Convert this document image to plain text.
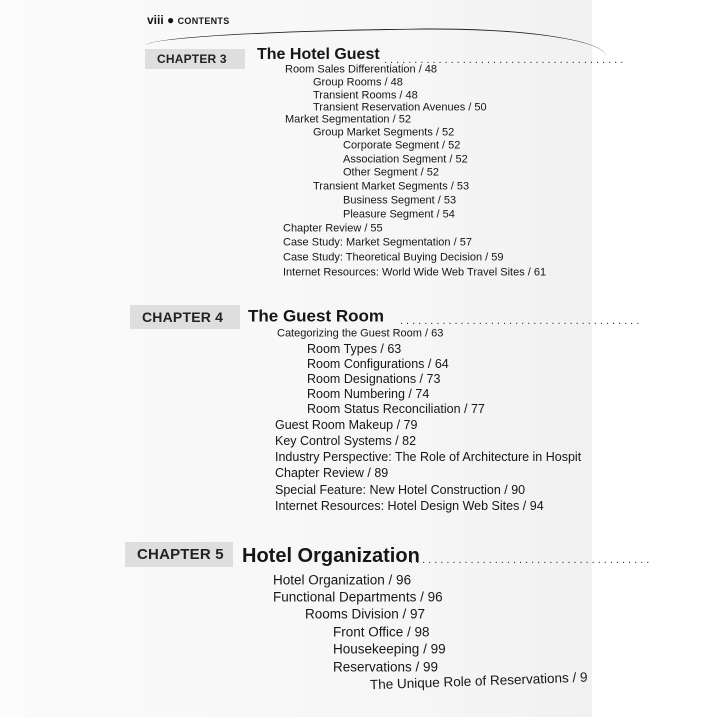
viii ● CONTENTS
CHAPTER 3	The Hotel Guest ........................................
Room Sales Differentiation / 48
Group Rooms / 48
Transient Rooms / 48
Transient Reservation Avenues / 50
Market Segmentation / 52
Group Market Segments / 52
Corporate Segment / 52
Association Segment / 52
Other Segment / 52
Transient Market Segments / 53
Business Segment / 53
Pleasure Segment / 54
Chapter Review / 55
Case Study: Market Segmentation / 57
Case Study: Theoretical Buying Decision / 59
Internet Resources: World Wide Web Travel Sites / 61
CHAPTER 4	The Guest Room ........................................
Categorizing the Guest Room / 63
Room Types / 63
Room Configurations / 64
Room Designations / 73
Room Numbering / 74
Room Status Reconciliation / 77
Guest Room Makeup / 79
Key Control Systems / 82
Industry Perspective: The Role of Architecture in Hospit
Chapter Review / 89
Special Feature: New Hotel Construction / 90
Internet Resources: Hotel Design Web Sites / 94
CHAPTER 5 Hotel Organization
........................................
Hotel Organization / 96
Functional Departments / 96
Rooms Division / 97
Front Office / 98
Housekeeping / 99
Reservations / 99
The Unique Role of Reservations / 9
